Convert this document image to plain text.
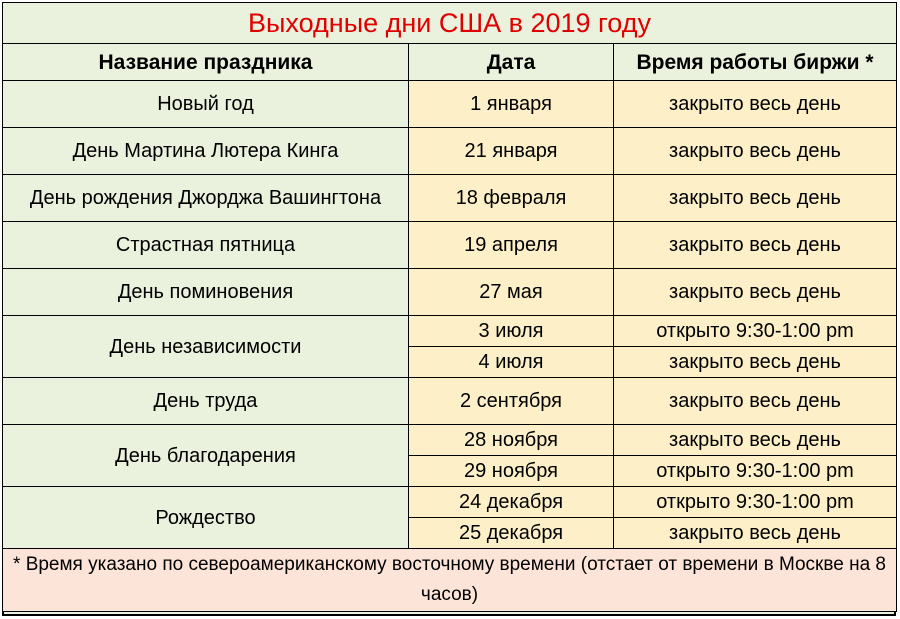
Выходные дни США в 2019 году		
Название праздника	Дата	Время работы биржи *
Новый год	1 января	закрыто весь день
День Мартина Лютера Кинга	21 января	закрыто весь день
День рождения Джорджа Вашингтона	18 февраля	закрыто весь день
Страстная пятница	19 апреля	закрыто весь день
День поминовения	27 мая	закрыто весь день
День независимости	3 июля	открыто 9:30-1:00 pm
	4 июля	закрыто весь день
День труда	2 сентября	закрыто весь день
День благодарения	28 ноября	закрыто весь день
	29 ноября	открыто 9:30-1:00 pm
Рождество	24 декабря	открыто 9:30-1:00 pm
	25 декабря	закрыто весь день
* Время указано по североамериканскому восточному времени (отстает от времени в Москве на 8 часов)		
